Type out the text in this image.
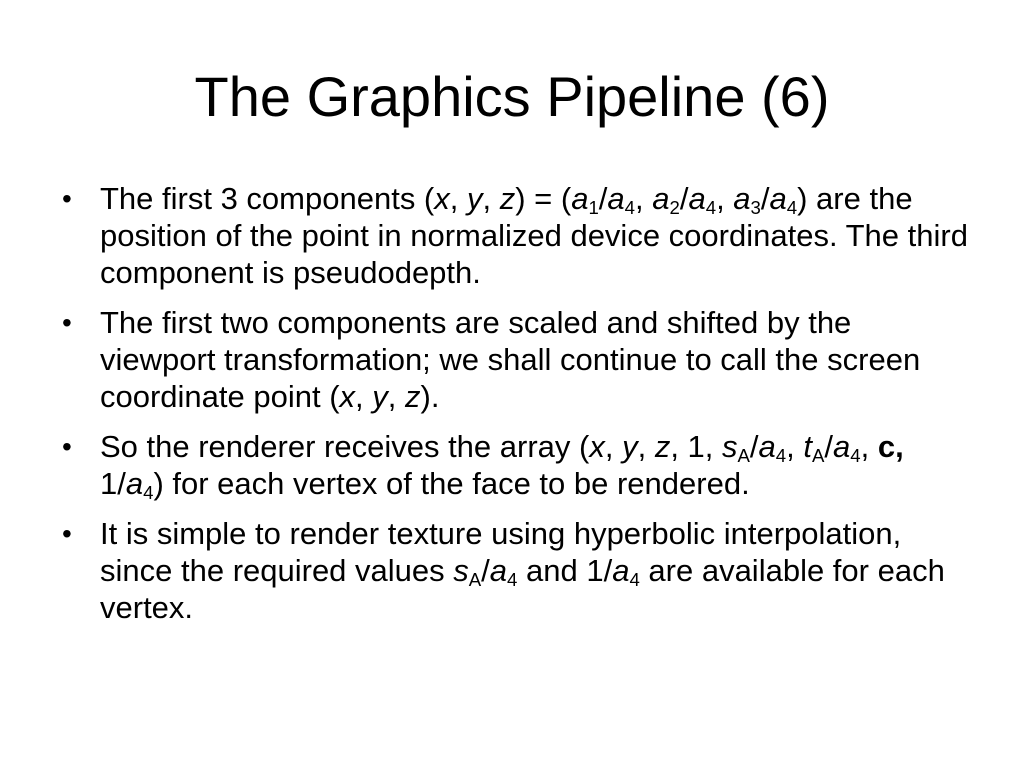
The Graphics Pipeline (6)
• The first 3 components (x, y, $z) = (a_1/a_4$, $a_2/a_4$, $a_3/a_4$) are the position of the point in normalized device coordinates. The third component is pseudodepth.
• The first two components are scaled and shifted by the viewport transformation; we shall continue to call the screen coordinate point (x, y, z).
• So the renderer receives the array (x, y, z, 1, $s_A/a_4$, $t_A/a_4$, c, $1/a_4$) for each vertex of the face to be rendered.
• It is simple to render texture using hyperbolic interpolation, since the required values $s_A/a_4$ and $1/a_4$ are available for each vertex.
